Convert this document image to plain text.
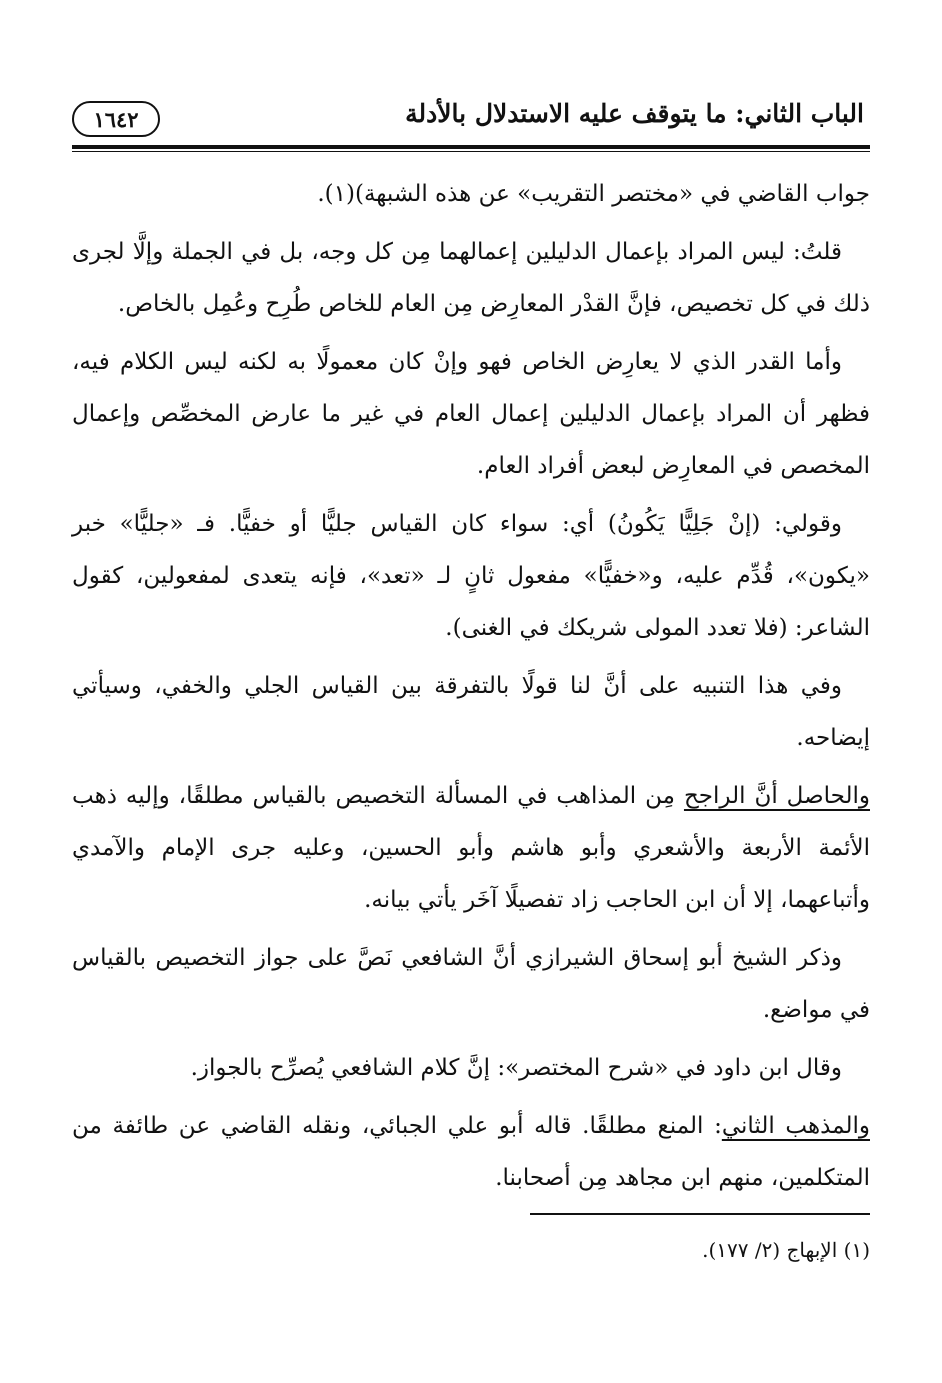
الباب الثاني: ما يتوقف عليه الاستدلال بالأدلة
١٦٤٢

جواب القاضي في «مختصر التقريب» عن هذه الشبهة)(١).

قلتُ: ليس المراد بإعمال الدليلين إعمالهما مِن كل وجه، بل في الجملة وإلَّا لجرى ذلك في كل تخصيص، فإنَّ القدْر المعارِض مِن العام للخاص طُرِح وعُمِل بالخاص.

وأما القدر الذي لا يعارِض الخاص فهو وإنْ كان معمولًا به لكنه ليس الكلام فيه، فظهر أن المراد بإعمال الدليلين إعمال العام في غير ما عارض المخصِّص وإعمال المخصص في المعارِض لبعض أفراد العام.

وقولي: (إنْ جَلِيًّا يَكُونُ) أي: سواء كان القياس جليًّا أو خفيًّا. فـ «جليًّا» خبر «يكون»، قُدِّم عليه، و«خفيًّا» مفعول ثانٍ لـ «تعد»، فإنه يتعدى لمفعولين، كقول الشاعر: (فلا تعدد المولى شريكك في الغنى).

وفي هذا التنبيه على أنَّ لنا قولًا بالتفرقة بين القياس الجلي والخفي، وسيأتي إيضاحه.

والحاصل أنَّ الراجح مِن المذاهب في المسألة التخصيص بالقياس مطلقًا، وإليه ذهب الأئمة الأربعة والأشعري وأبو هاشم وأبو الحسين، وعليه جرى الإمام والآمدي وأتباعهما، إلا أن ابن الحاجب زاد تفصيلًا آخَر يأتي بيانه.

وذكر الشيخ أبو إسحاق الشيرازي أنَّ الشافعي نَصَّ على جواز التخصيص بالقياس في مواضع.

وقال ابن داود في «شرح المختصر»: إنَّ كلام الشافعي يُصرِّح بالجواز.

والمذهب الثاني: المنع مطلقًا. قاله أبو علي الجبائي، ونقله القاضي عن طائفة من المتكلمين، منهم ابن مجاهد مِن أصحابنا.

(١) الإبهاج (٢/ ١٧٧).
